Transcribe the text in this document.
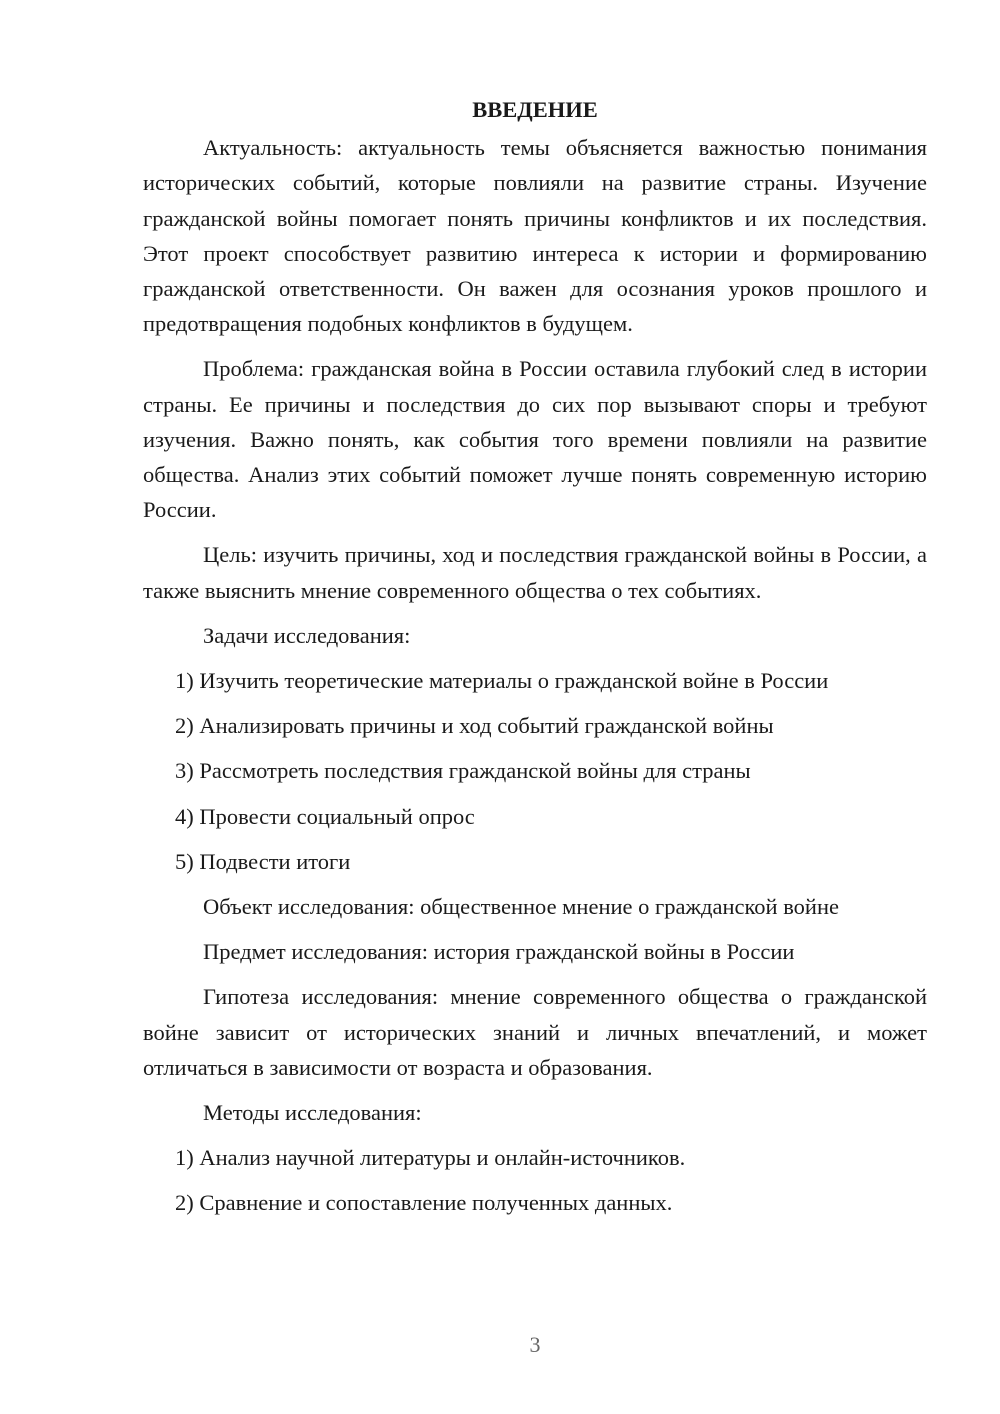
ВВЕДЕНИЕ

Актуальность: актуальность темы объясняется важностью понимания исторических событий, которые повлияли на развитие страны. Изучение гражданской войны помогает понять причины конфликтов и их последствия. Этот проект способствует развитию интереса к истории и формированию гражданской ответственности. Он важен для осознания уроков прошлого и предотвращения подобных конфликтов в будущем.

Проблема: гражданская война в России оставила глубокий след в истории страны. Ее причины и последствия до сих пор вызывают споры и требуют изучения. Важно понять, как события того времени повлияли на развитие общества. Анализ этих событий поможет лучше понять современную историю России.

Цель: изучить причины, ход и последствия гражданской войны в России, а также выяснить мнение современного общества о тех событиях.

Задачи исследования:

1) Изучить теоретические материалы о гражданской войне в России

2) Анализировать причины и ход событий гражданской войны

3) Рассмотреть последствия гражданской войны для страны

4) Провести социальный опрос

5) Подвести итоги

Объект исследования: общественное мнение о гражданской войне

Предмет исследования: история гражданской войны в России

Гипотеза исследования: мнение современного общества о гражданской войне зависит от исторических знаний и личных впечатлений, и может отличаться в зависимости от возраста и образования.

Методы исследования:

1) Анализ научной литературы и онлайн-источников.

2) Сравнение и сопоставление полученных данных.

3
